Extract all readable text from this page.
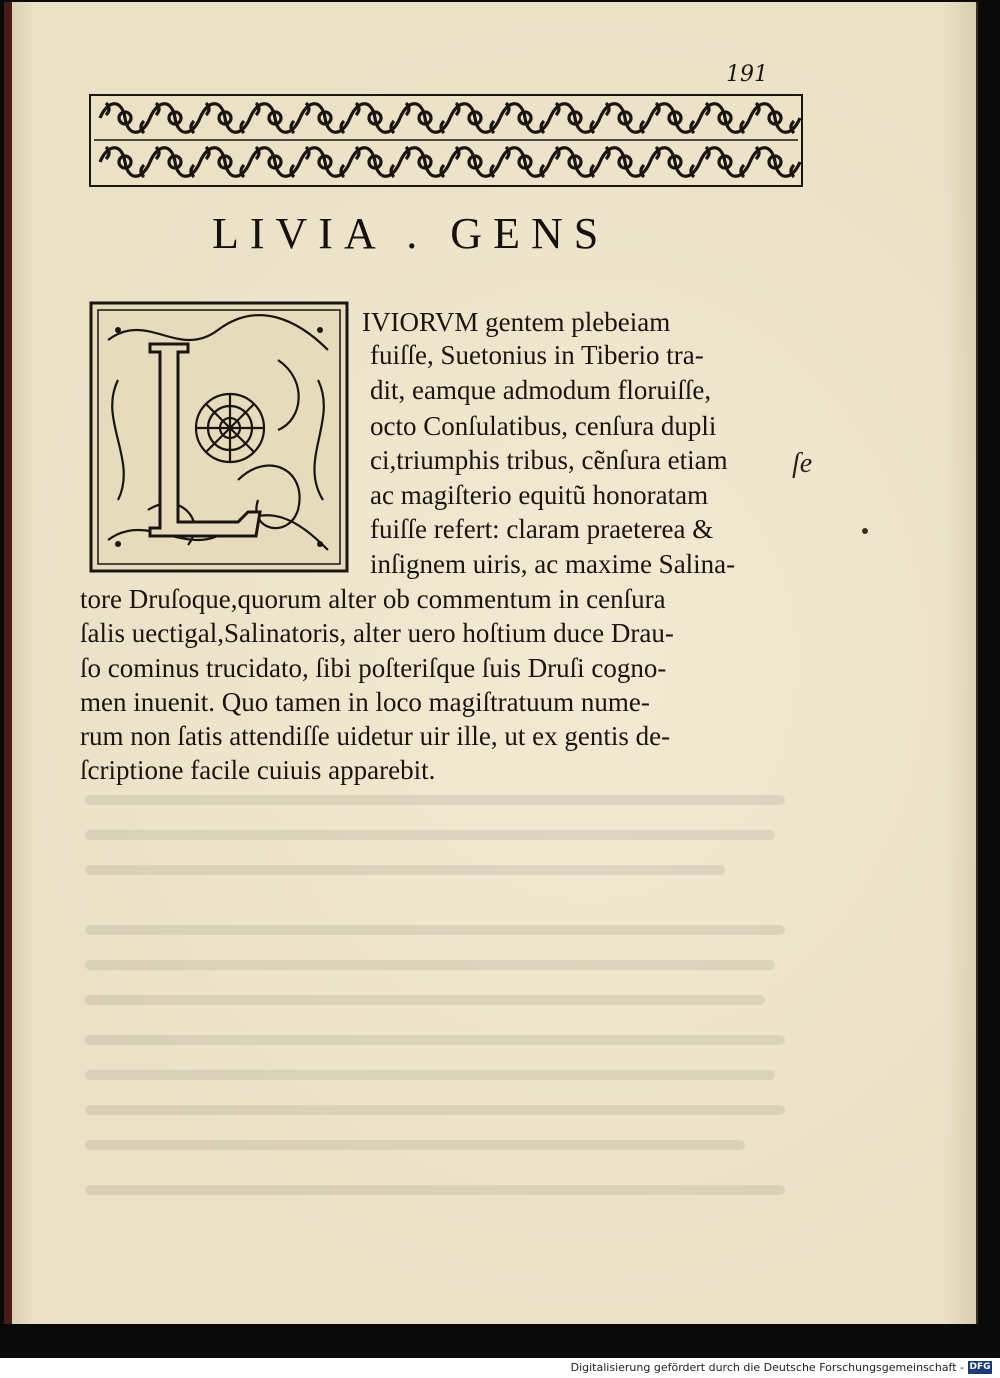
191
LIVIA . GENS
IVIORVM gentem plebeiam
fuiſſe, Suetonius in Tiberio tra-
dit, eamque admodum floruiſſe,
octo Conſulatibus, cenſura dupli
ci,triumphis tribus, cẽnſura etiam
ac magiſterio equitũ honoratam
fuiſſe refert: claram praeterea &
inſignem uiris, ac maxime Salina-
tore Druſoque,quorum alter ob commentum in cenſura
ſalis uectigal,Salinatoris, alter uero hoſtium duce Drau-
ſo cominus trucidato, ſibi poſteriſque ſuis Druſi cogno-
men inuenit. Quo tamen in loco magiſtratuum nume-
rum non ſatis attendiſſe uidetur uir ille, ut ex gentis de-
ſcriptione facile cuiuis apparebit.
ſe
Digitalisierung gefördert durch die Deutsche Forschungsgemeinschaft - DFG
